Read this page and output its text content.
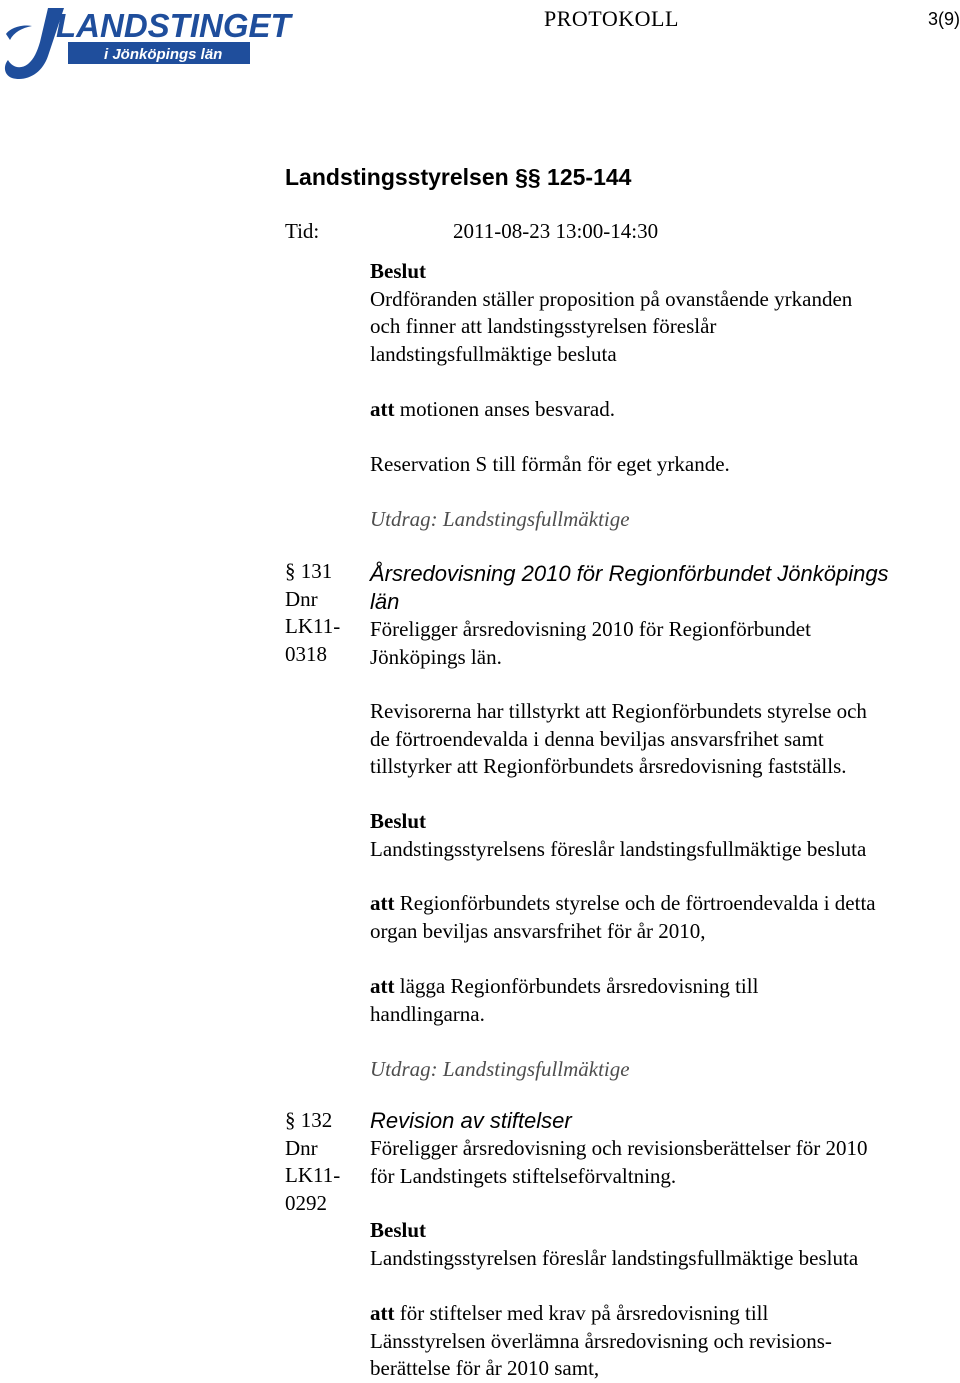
LANDSTINGET
i Jönköpings län
PROTOKOLL	3(9)
Landstingsstyrelsen §§ 125-144
Tid:	2011-08-23 13:00-14:30

Beslut

Ordföranden ställer proposition på ovanstående yrkanden

och finner att landstingsstyrelsen föreslår

landstingsfullmäktige besluta

att motionen anses besvarad.

Reservation S till förmån för eget yrkande.

Utdrag: Landstingsfullmäktige

§ 131

Dnr

LK11-

0318

Årsredovisning 2010 för Regionförbundet Jönköpings

län

Föreligger årsredovisning 2010 för Regionförbundet

Jönköpings län.

Revisorerna har tillstyrkt att Regionförbundets styrelse och

de förtroendevalda i denna beviljas ansvarsfrihet samt

tillstyrker att Regionförbundets årsredovisning fastställs.

Beslut

Landstingsstyrelsens föreslår landstingsfullmäktige besluta

att Regionförbundets styrelse och de förtroendevalda i detta

organ beviljas ansvarsfrihet för år 2010,

att lägga Regionförbundets årsredovisning till

handlingarna.

Utdrag: Landstingsfullmäktige

§ 132

Dnr

LK11-

0292

Revision av stiftelser

Föreligger årsredovisning och revisionsberättelser för 2010

för Landstingets stiftelseförvaltning.

Beslut

Landstingsstyrelsen föreslår landstingsfullmäktige besluta

att för stiftelser med krav på årsredovisning till

Länsstyrelsen överlämna årsredovisning och revisions-

berättelse för år 2010 samt,
